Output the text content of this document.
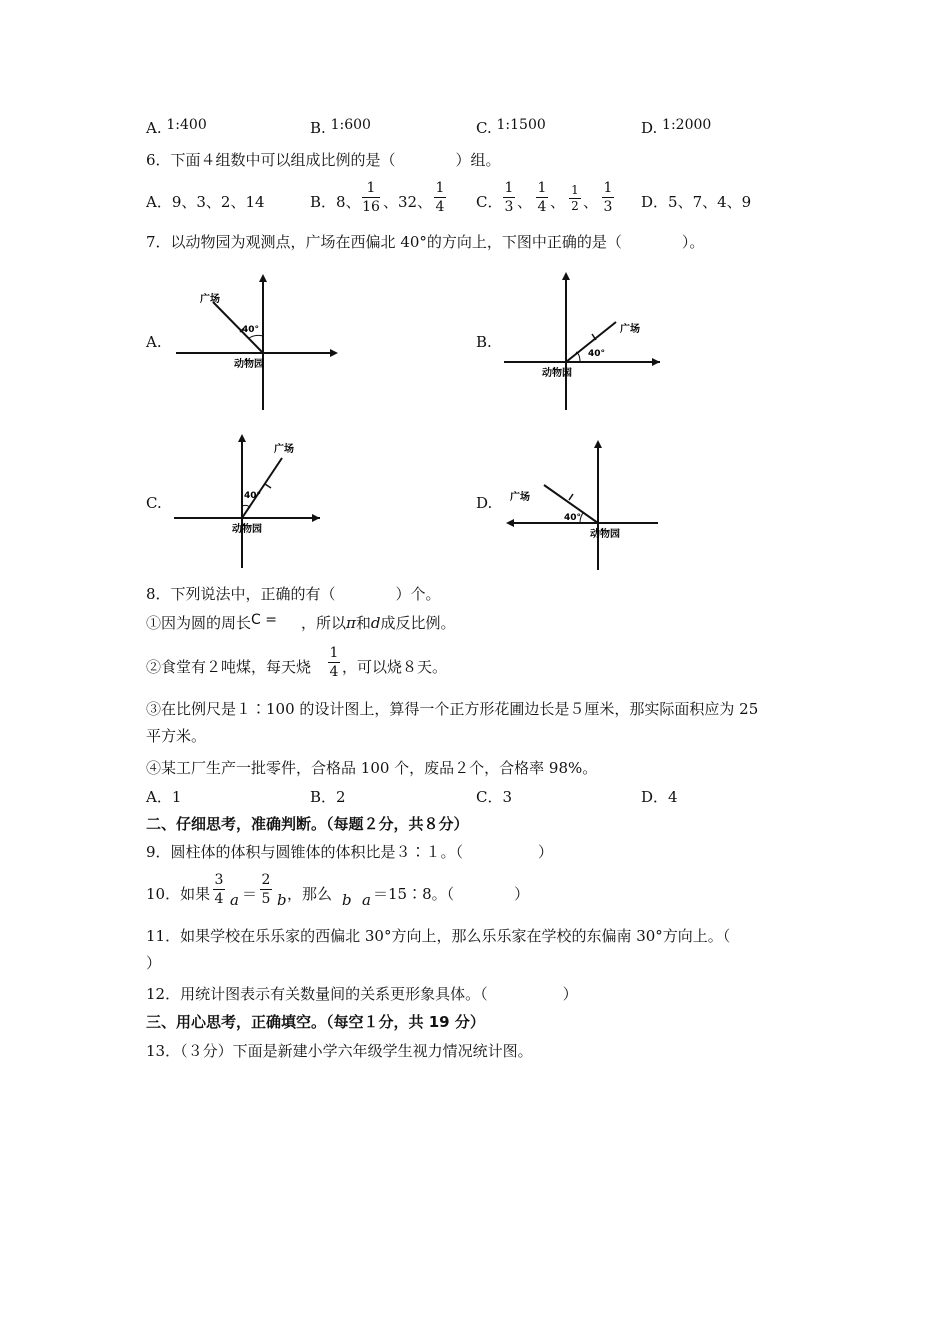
A. 1:400	B. 1:600	C. 1:1500	D. 1:2000
6．下面４组数中可以组成比例的是（　　　　）组。
A．9、3、2、14	B．8、
1
16 、32、
1
4 C．
1
3 、
1
4 、
1
2 、
1
3 D．5、7、4、9
7．以动物园为观测点，广场在西偏北 40°的方向上，下图中正确的是（　　　　）。
A.
广场
40°
动物园
B.
广场
40°
动物园
C.
广场
40°
动物园
D. 广场
40°
动物园
8．下列说法中，正确的有（　　　　）个。
①因为圆的周长C = ，所以π和d成反比例。
②食堂有２吨煤，每天烧
1
4 ，可以烧８天。
③在比例尺是１∶100 的设计图上，算得一个正方形花圃边长是５厘米，那实际面积应为 25
平方米。
④某工厂生产一批零件，合格品 100 个，废品２个，合格率 98%。
A．1	B．2	C．3	D．4
二、仔细思考，准确判断。（每题２分，共８分）
9．圆柱体的体积与圆锥体的体积比是３∶１。（　　　　　）
10．如果
3
4 a ＝
2
5 b ，那么 b a ＝15∶8。（　　　　）
11．如果学校在乐乐家的西偏北 30°方向上，那么乐乐家在学校的东偏南 30°方向上。（
）
12．用统计图表示有关数量间的关系更形象具体。（　　　　　）
三、用心思考，正确填空。（每空１分，共 19 分）
13．（３分）下面是新建小学六年级学生视力情况统计图。
